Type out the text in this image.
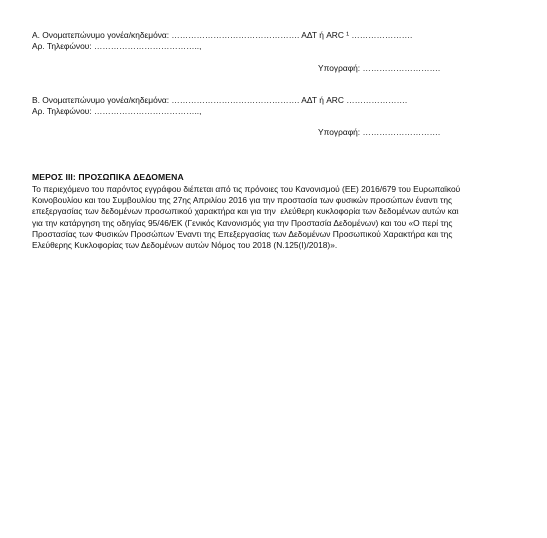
Α. Ονοματεπώνυμο γονέα/κηδεμόνα: ………………………………………. ΑΔΤ ή ARC ¹ ………………….
Αρ. Τηλεφώνου: ………………………………..,
Υπογραφή: ……………………….
Β. Ονοματεπώνυμο γονέα/κηδεμόνα: ………………………………………. ΑΔΤ ή ARC ………………….
Αρ. Τηλεφώνου: ………………………………..,
Υπογραφή: ……………………….
ΜΕΡΟΣ ΙΙΙ: ΠΡΟΣΩΠΙΚΑ ΔΕΔΟΜΕΝΑ
Το περιεχόμενο του παρόντος εγγράφου διέπεται από τις πρόνοιες του Κανονισμού (ΕΕ) 2016/679 του Ευρωπαϊκού
Κοινοβουλίου και του Συμβουλίου της 27ης Απριλίου 2016 για την προστασία των φυσικών προσώπων έναντι της
επεξεργασίας των δεδομένων προσωπικού χαρακτήρα και για την  ελεύθερη κυκλοφορία των δεδομένων αυτών και
για την κατάργηση της οδηγίας 95/46/ΕΚ (Γενικός Κανονισμός για την Προστασία Δεδομένων) και του «Ο περί της
Προστασίας των Φυσικών Προσώπων Έναντι της Επεξεργασίας των Δεδομένων Προσωπικού Χαρακτήρα και της
Ελεύθερης Κυκλοφορίας των Δεδομένων αυτών Νόμος του 2018 (Ν.125(Ι)/2018)».
